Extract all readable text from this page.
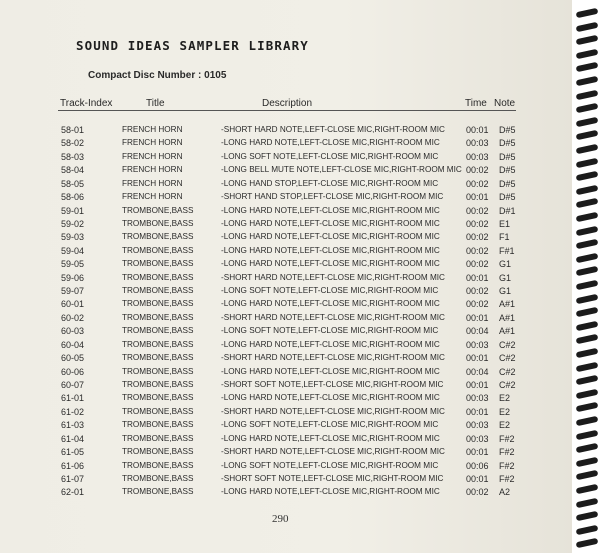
SOUND IDEAS SAMPLER LIBRARY
Compact Disc Number : 0105
Track-Index	Title	Description	Time Note
58-01	FRENCH HORN	-SHORT HARD NOTE,LEFT-CLOSE MIC,RIGHT-ROOM MIC 00:01 D#5
58-02	FRENCH HORN	-LONG HARD NOTE,LEFT-CLOSE MIC,RIGHT-ROOM MIC	00:03 D#5
58-03	FRENCH HORN	-LONG SOFT NOTE,LEFT-CLOSE MIC,RIGHT-ROOM MIC	00:03 D#5
58-04	FRENCH HORN	-LONG BELL MUTE NOTE,LEFT-CLOSE MIC,RIGHT-ROOM MIC 00:02 D#5
58-05	FRENCH HORN	-LONG HAND STOP,LEFT-CLOSE MIC,RIGHT-ROOM MIC	00:02 D#5
58-06	FRENCH HORN	-SHORT HAND STOP,LEFT-CLOSE MIC,RIGHT-ROOM MIC	00:01 D#5
59-01	TROMBONE,BASS	-LONG HARD NOTE,LEFT-CLOSE MIC,RIGHT-ROOM MIC	00:02 D#1
59-02	TROMBONE,BASS	-LONG HARD NOTE,LEFT-CLOSE MIC,RIGHT-ROOM MIC	00:02 E1
59-03	TROMBONE,BASS	-LONG HARD NOTE,LEFT-CLOSE MIC,RIGHT-ROOM MIC	00:02 F1
59-04	TROMBONE,BASS	-LONG HARD NOTE,LEFT-CLOSE MIC,RIGHT-ROOM MIC	00:02 F#1
59-05	TROMBONE,BASS	-LONG HARD NOTE,LEFT-CLOSE MIC,RIGHT-ROOM MIC	00:02 G1
59-06	TROMBONE,BASS	-SHORT HARD NOTE,LEFT-CLOSE MIC,RIGHT-ROOM MIC 00:01 G1
59-07	TROMBONE,BASS	-LONG SOFT NOTE,LEFT-CLOSE MIC,RIGHT-ROOM MIC	00:02 G1
60-01	TROMBONE,BASS	-LONG HARD NOTE,LEFT-CLOSE MIC,RIGHT-ROOM MIC	00:02 A#1
60-02	TROMBONE,BASS	-SHORT HARD NOTE,LEFT-CLOSE MIC,RIGHT-ROOM MIC 00:01 A#1
60-03	TROMBONE,BASS	-LONG SOFT NOTE,LEFT-CLOSE MIC,RIGHT-ROOM MIC	00:04 A#1
60-04	TROMBONE,BASS	-LONG HARD NOTE,LEFT-CLOSE MIC,RIGHT-ROOM MIC	00:03 C#2
60-05	TROMBONE,BASS	-SHORT HARD NOTE,LEFT-CLOSE MIC,RIGHT-ROOM MIC 00:01 C#2
60-06	TROMBONE,BASS	-LONG HARD NOTE,LEFT-CLOSE MIC,RIGHT-ROOM MIC	00:04 C#2
60-07	TROMBONE,BASS	-SHORT SOFT NOTE,LEFT-CLOSE MIC,RIGHT-ROOM MIC	00:01 C#2
61-01	TROMBONE,BASS	-LONG HARD NOTE,LEFT-CLOSE MIC,RIGHT-ROOM MIC	00:03 E2
61-02	TROMBONE,BASS	-SHORT HARD NOTE,LEFT-CLOSE MIC,RIGHT-ROOM MIC 00:01 E2
61-03	TROMBONE,BASS	-LONG SOFT NOTE,LEFT-CLOSE MIC,RIGHT-ROOM MIC	00:03 E2
61-04	TROMBONE,BASS	-LONG HARD NOTE,LEFT-CLOSE MIC,RIGHT-ROOM MIC	00:03 F#2
61-05	TROMBONE,BASS	-SHORT HARD NOTE,LEFT-CLOSE MIC,RIGHT-ROOM MIC 00:01 F#2
61-06	TROMBONE,BASS	-LONG SOFT NOTE,LEFT-CLOSE MIC,RIGHT-ROOM MIC	00:06 F#2
61-07	TROMBONE,BASS	-SHORT SOFT NOTE,LEFT-CLOSE MIC,RIGHT-ROOM MIC	00:01 F#2
62-01	TROMBONE,BASS	-LONG HARD NOTE,LEFT-CLOSE MIC,RIGHT-ROOM MIC	00:02 A2
290
